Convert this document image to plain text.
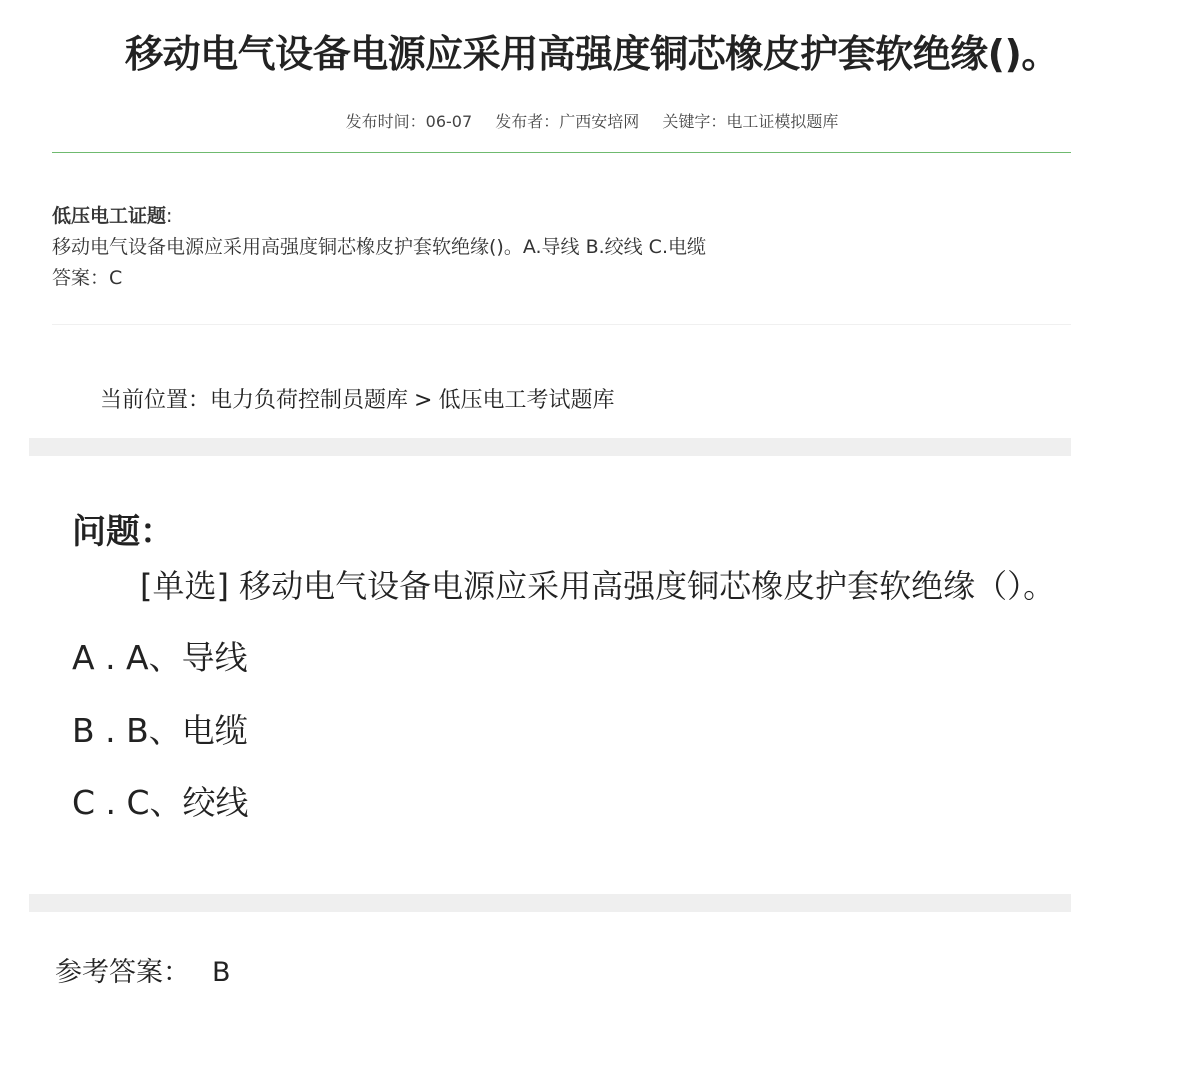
移动电气设备电源应采用高强度铜芯橡皮护套软绝缘()。
发布时间：06-07 发布者：广西安培网 关键字：电工证模拟题库
低压电工证题:
移动电气设备电源应采用高强度铜芯橡皮护套软绝缘()。A.导线 B.绞线 C.电缆
答案：C
当前位置：电力负荷控制员题库 > 低压电工考试题库
问题：
[单选] 移动电气设备电源应采用高强度铜芯橡皮护套软绝缘（）。
A . A、导线
B . B、电缆
C . C、绞线
参考答案： B
